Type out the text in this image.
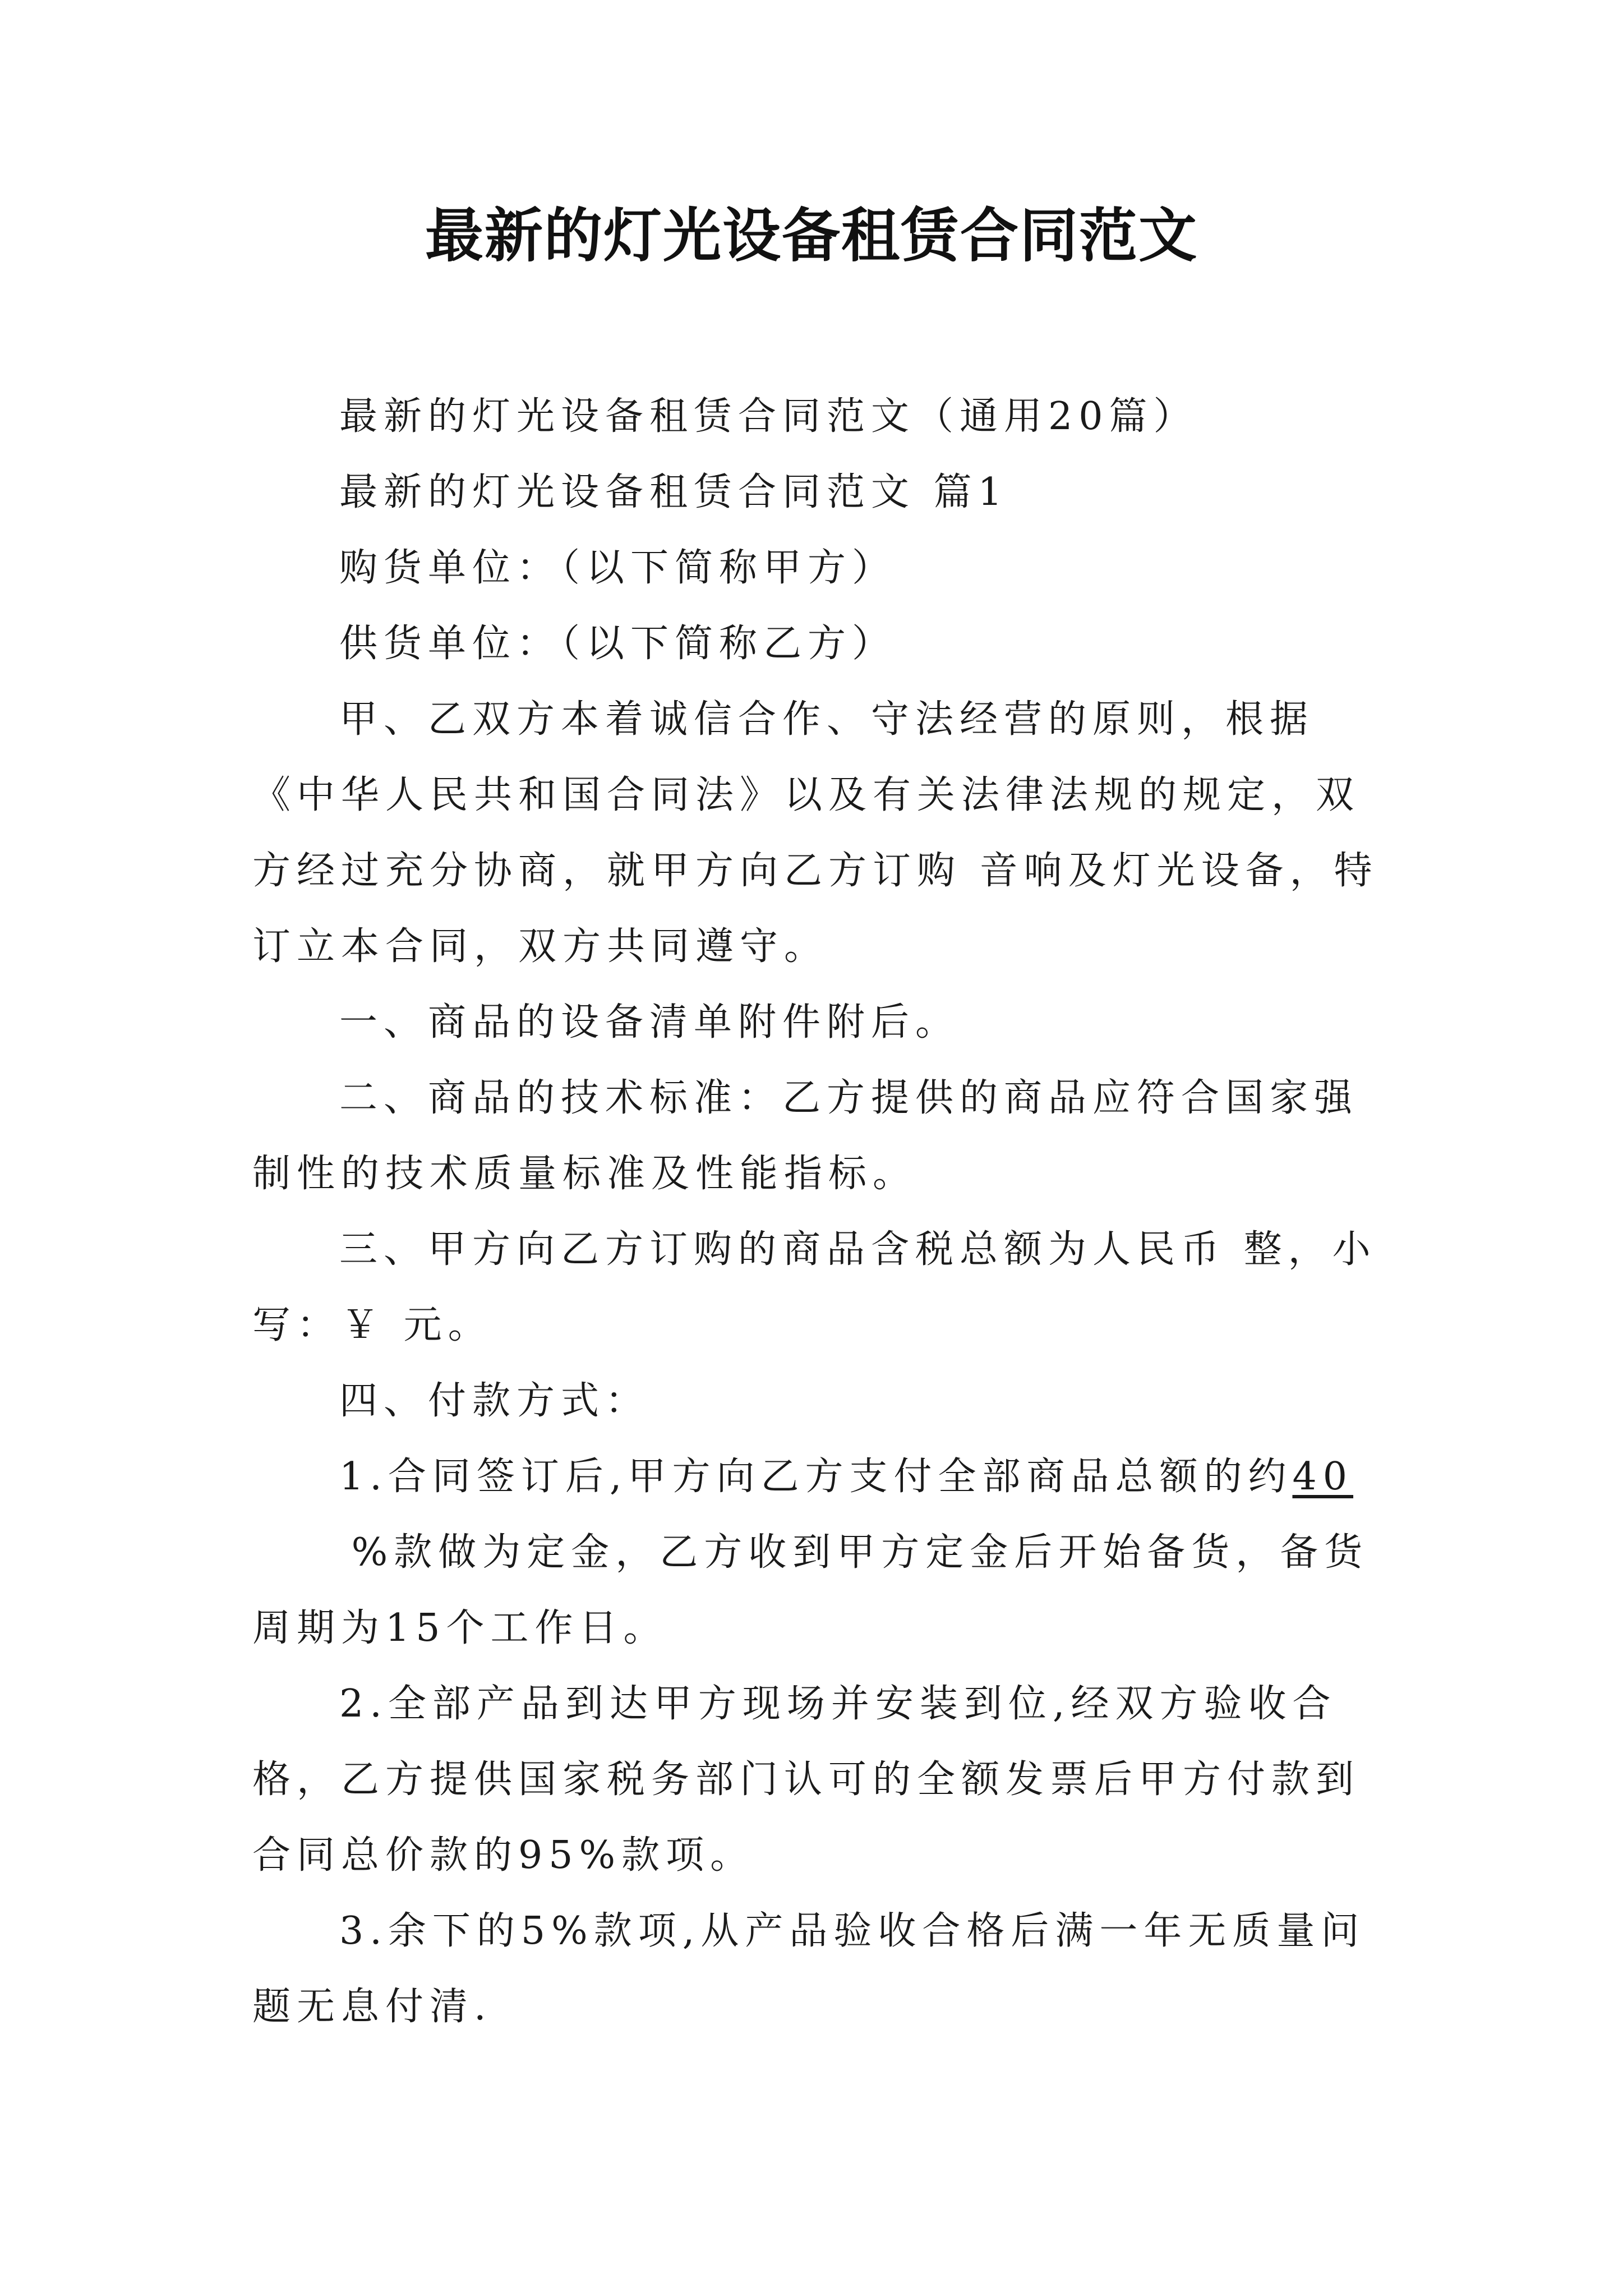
最新的灯光设备租赁合同范文

最新的灯光设备租赁合同范文（通用20篇）

最新的灯光设备租赁合同范文 篇1

购货单位：（以下简称甲方）

供货单位：（以下简称乙方）

甲、乙双方本着诚信合作、守法经营的原则，根据《中华人民共和国合同法》以及有关法律法规的规定，双方经过充分协商，就甲方向乙方订购 音响及灯光设备，特订立本合同，双方共同遵守。

一、商品的设备清单附件附后。

二、商品的技术标准：乙方提供的商品应符合国家强制性的技术质量标准及性能指标。

三、甲方向乙方订购的商品含税总额为人民币 整，小写：￥ 元。

四、付款方式：

1.合同签订后,甲方向乙方支付全部商品总额的约40 %款做为定金，乙方收到甲方定金后开始备货，备货周期为15个工作日。

2.全部产品到达甲方现场并安装到位,经双方验收合格，乙方提供国家税务部门认可的全额发票后甲方付款到合同总价款的95%款项。

3.余下的5%款项,从产品验收合格后满一年无质量问题无息付清.
